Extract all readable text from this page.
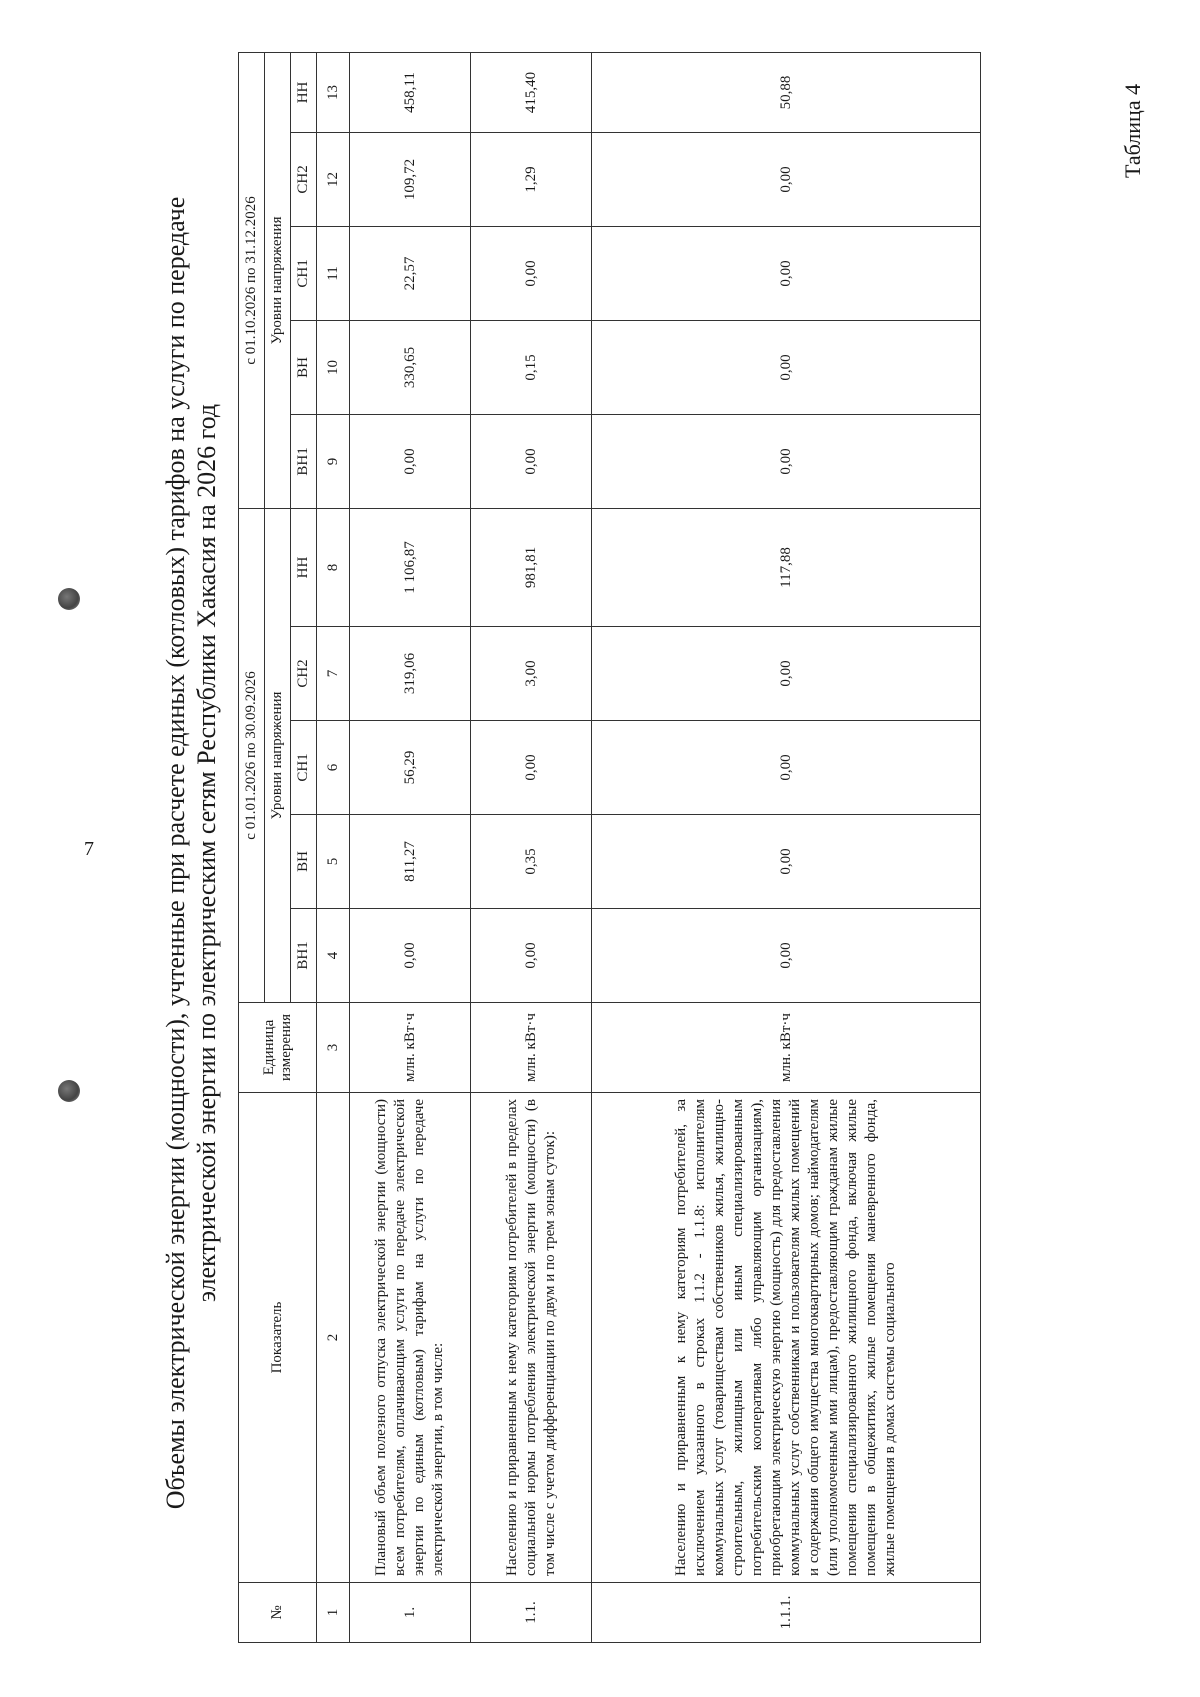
7
Таблица 4
Объемы электрической энергии (мощности), учтенные при расчете единых (котловых) тарифов на услуги по передаче электрической энергии по электрическим сетям Республики Хакасия на 2026 год
№	Показатель	Единица измерения	с 01.01.2026 по 30.09.2026					с 01.10.2026 по 31.12.2026				
			Уровни напряжения					Уровни напряжения				
			ВН1	ВН	СН1	СН2	НН	ВН1	ВН	СН1	СН2	НН
1	2	3	4	5	6	7	8	9	10	11	12	13
1.	Плановый объем полезного отпуска электрической энергии (мощности) всем потребителям, оплачивающим услуги по передаче электрической энергии по единым (котловым) тарифам на услуги по передаче электрической энергии, в том числе:	млн. кВт·ч	0,00	811,27	56,29	319,06	1 106,87	0,00	330,65	22,57	109,72	458,11
1.1.	Населению и приравненным к нему категориям потребителей в пределах социальной нормы потребления электрической энергии (мощности) (в том числе с учетом дифференциации по двум и по трем зонам суток):	млн. кВт·ч	0,00	0,35	0,00	3,00	981,81	0,00	0,15	0,00	1,29	415,40
1.1.1.	Населению и приравненным к нему категориям потребителей, за исключением указанного в строках 1.1.2 - 1.1.8: исполнителям коммунальных услуг (товариществам собственников жилья, жилищно-строительным, жилищным или иным специализированным потребительским кооперативам либо управляющим организациям), приобретающим электрическую энергию (мощность) для предоставления коммунальных услуг собственникам и пользователям жилых помещений и содержания общего имущества многоквартирных домов; наймодателям (или уполномоченным ими лицам), предоставляющим гражданам жилые помещения специализированного жилищного фонда, включая жилые помещения в общежитиях, жилые помещения маневренного фонда, жилые помещения в домах системы социального	млн. кВт·ч	0,00	0,00	0,00	0,00	117,88	0,00	0,00	0,00	0,00	50,88
